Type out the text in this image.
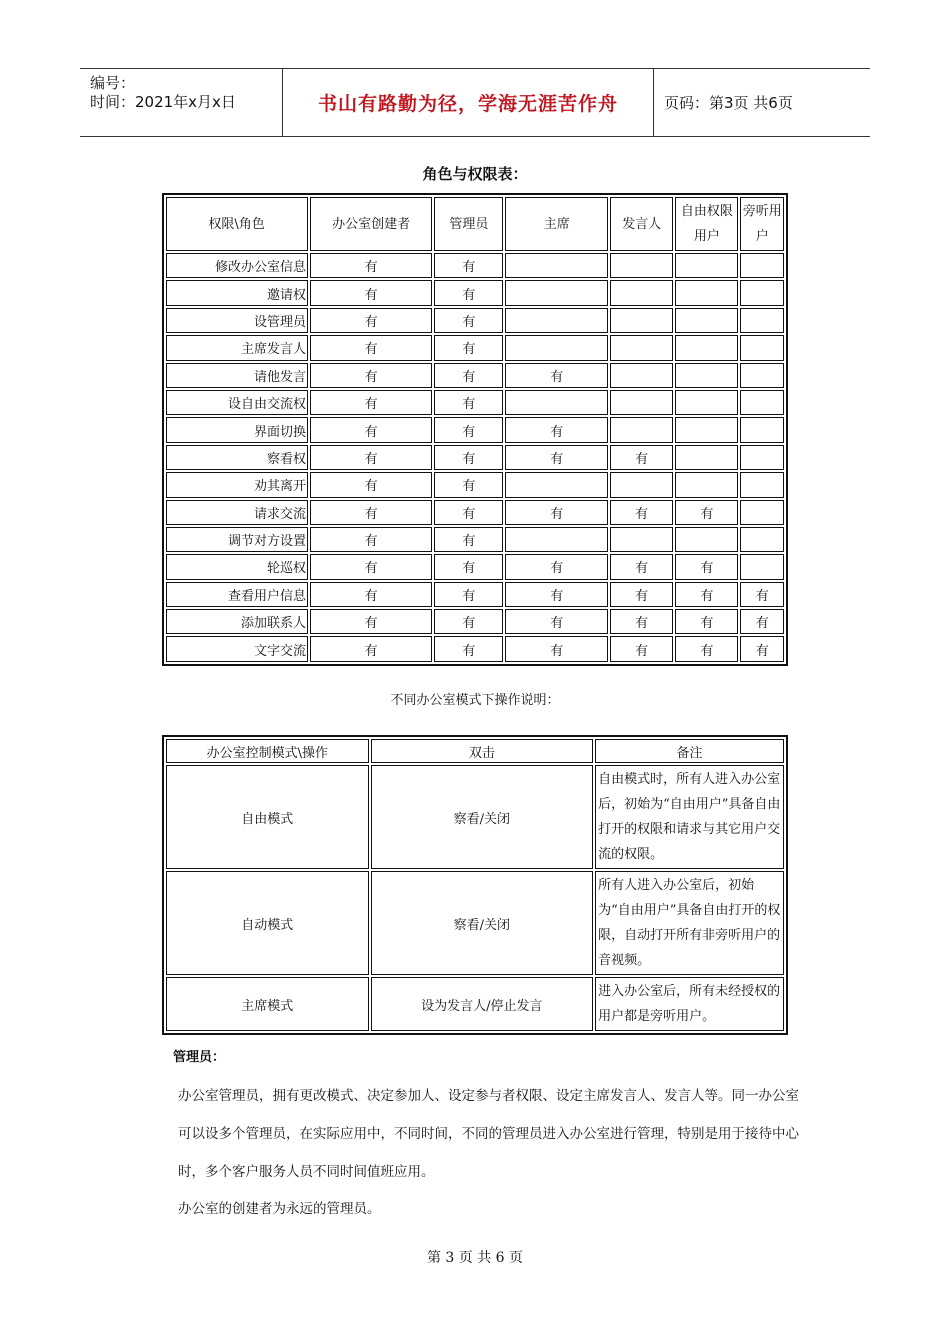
编号：
时间：2021年x月x日	书山有路勤为径，学海无涯苦作舟	页码：第3页 共6页
角色与权限表：
权限\角色	办公室创建者	管理员	主席	发言人	自由权限用户	旁听用户
修改办公室信息	有	有				
邀请权	有	有				
设管理员	有	有				
主席发言人	有	有				
请他发言	有	有	有			
设自由交流权	有	有				
界面切换	有	有	有			
察看权	有	有	有	有		
劝其离开	有	有				
请求交流	有	有	有	有	有	
调节对方设置	有	有				
轮巡权	有	有	有	有	有	
查看用户信息	有	有	有	有	有	有
添加联系人	有	有	有	有	有	有
文字交流	有	有	有	有	有	有
不同办公室模式下操作说明：
办公室控制模式\操作	双击	备注
自由模式	察看/关闭	自由模式时，所有人进入办公室后，初始为“自由用户”具备自由打开的权限和请求与其它用户交流的权限。
自动模式	察看/关闭	所有人进入办公室后，初始为“自由用户”具备自由打开的权限，自动打开所有非旁听用户的音视频。
主席模式	设为发言人/停止发言	进入办公室后，所有未经授权的用户都是旁听用户。
管理员：

办公室管理员，拥有更改模式、决定参加人、设定参与者权限、设定主席发言人、发言人等。同一办公室可以设多个管理员，在实际应用中，不同时间，不同的管理员进入办公室进行管理，特别是用于接待中心时，多个客户服务人员不同时间值班应用。

办公室的创建者为永远的管理员。

第 3 页 共 6 页
